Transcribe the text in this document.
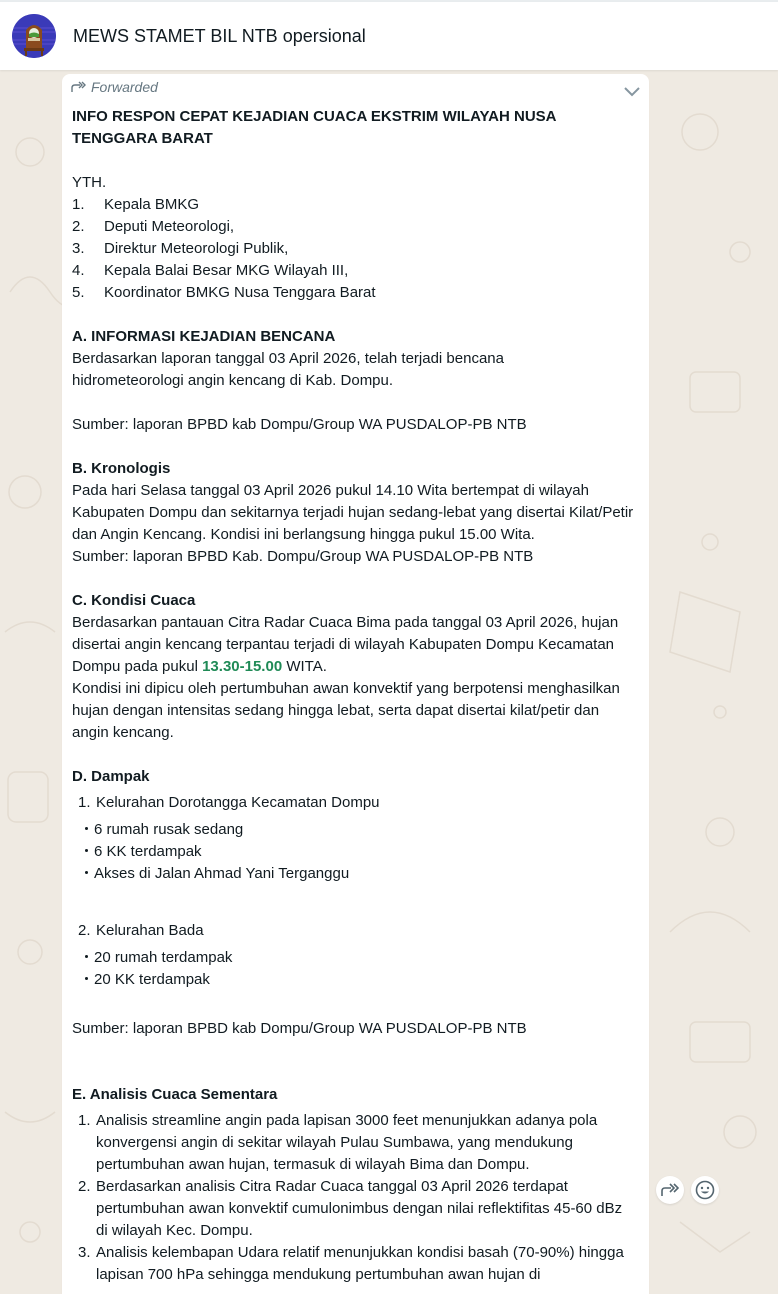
MEWS STAMET BIL NTB opersional
Forwarded

INFO RESPON CEPAT KEJADIAN CUACA EKSTRIM WILAYAH NUSA TENGGARA BARAT

YTH.

1.	Kepala BMKG
2.	Deputi Meteorologi,
3.	Direktur Meteorologi Publik,
4.	Kepala Balai Besar MKG Wilayah III,
5.	Koordinator BMKG Nusa Tenggara Barat

A. INFORMASI KEJADIAN BENCANA

Berdasarkan laporan tanggal 03 April 2026, telah terjadi bencana hidrometeorologi angin kencang di Kab. Dompu.

Sumber: laporan BPBD kab Dompu/Group WA PUSDALOP-PB NTB

B. Kronologis

Pada hari Selasa tanggal 03 April 2026 pukul 14.10 Wita bertempat di wilayah Kabupaten Dompu dan sekitarnya terjadi hujan sedang-lebat yang disertai Kilat/Petir dan Angin Kencang. Kondisi ini berlangsung hingga pukul 15.00 Wita.

Sumber: laporan BPBD Kab. Dompu/Group WA PUSDALOP-PB NTB

C. Kondisi Cuaca

Berdasarkan pantauan Citra Radar Cuaca Bima pada tanggal 03 April 2026, hujan disertai angin kencang terpantau terjadi di wilayah Kabupaten Dompu Kecamatan Dompu pada pukul 13.30-15.00 WITA.

Kondisi ini dipicu oleh pertumbuhan awan konvektif yang berpotensi menghasilkan hujan dengan intensitas sedang hingga lebat, serta dapat disertai kilat/petir dan angin kencang.

D. Dampak

1. Kelurahan Dorotangga Kecamatan Dompu
6 rumah rusak sedang
6 KK terdampak
Akses di Jalan Ahmad Yani Terganggu
2. Kelurahan Bada
20 rumah terdampak
20 KK terdampak

Sumber: laporan BPBD kab Dompu/Group WA PUSDALOP-PB NTB

E. Analisis Cuaca Sementara

1. Analisis streamline angin pada lapisan 3000 feet menunjukkan adanya pola konvergensi angin di sekitar wilayah Pulau Sumbawa, yang mendukung pertumbuhan awan hujan, termasuk di wilayah Bima dan Dompu.
2. Berdasarkan analisis Citra Radar Cuaca tanggal 03 April 2026 terdapat pertumbuhan awan konvektif cumulonimbus dengan nilai reflektifitas 45-60 dBz di wilayah Kec. Dompu.
3. Analisis kelembapan Udara relatif menunjukkan kondisi basah (70-90%) hingga lapisan 700 hPa sehingga mendukung pertumbuhan awan hujan di
